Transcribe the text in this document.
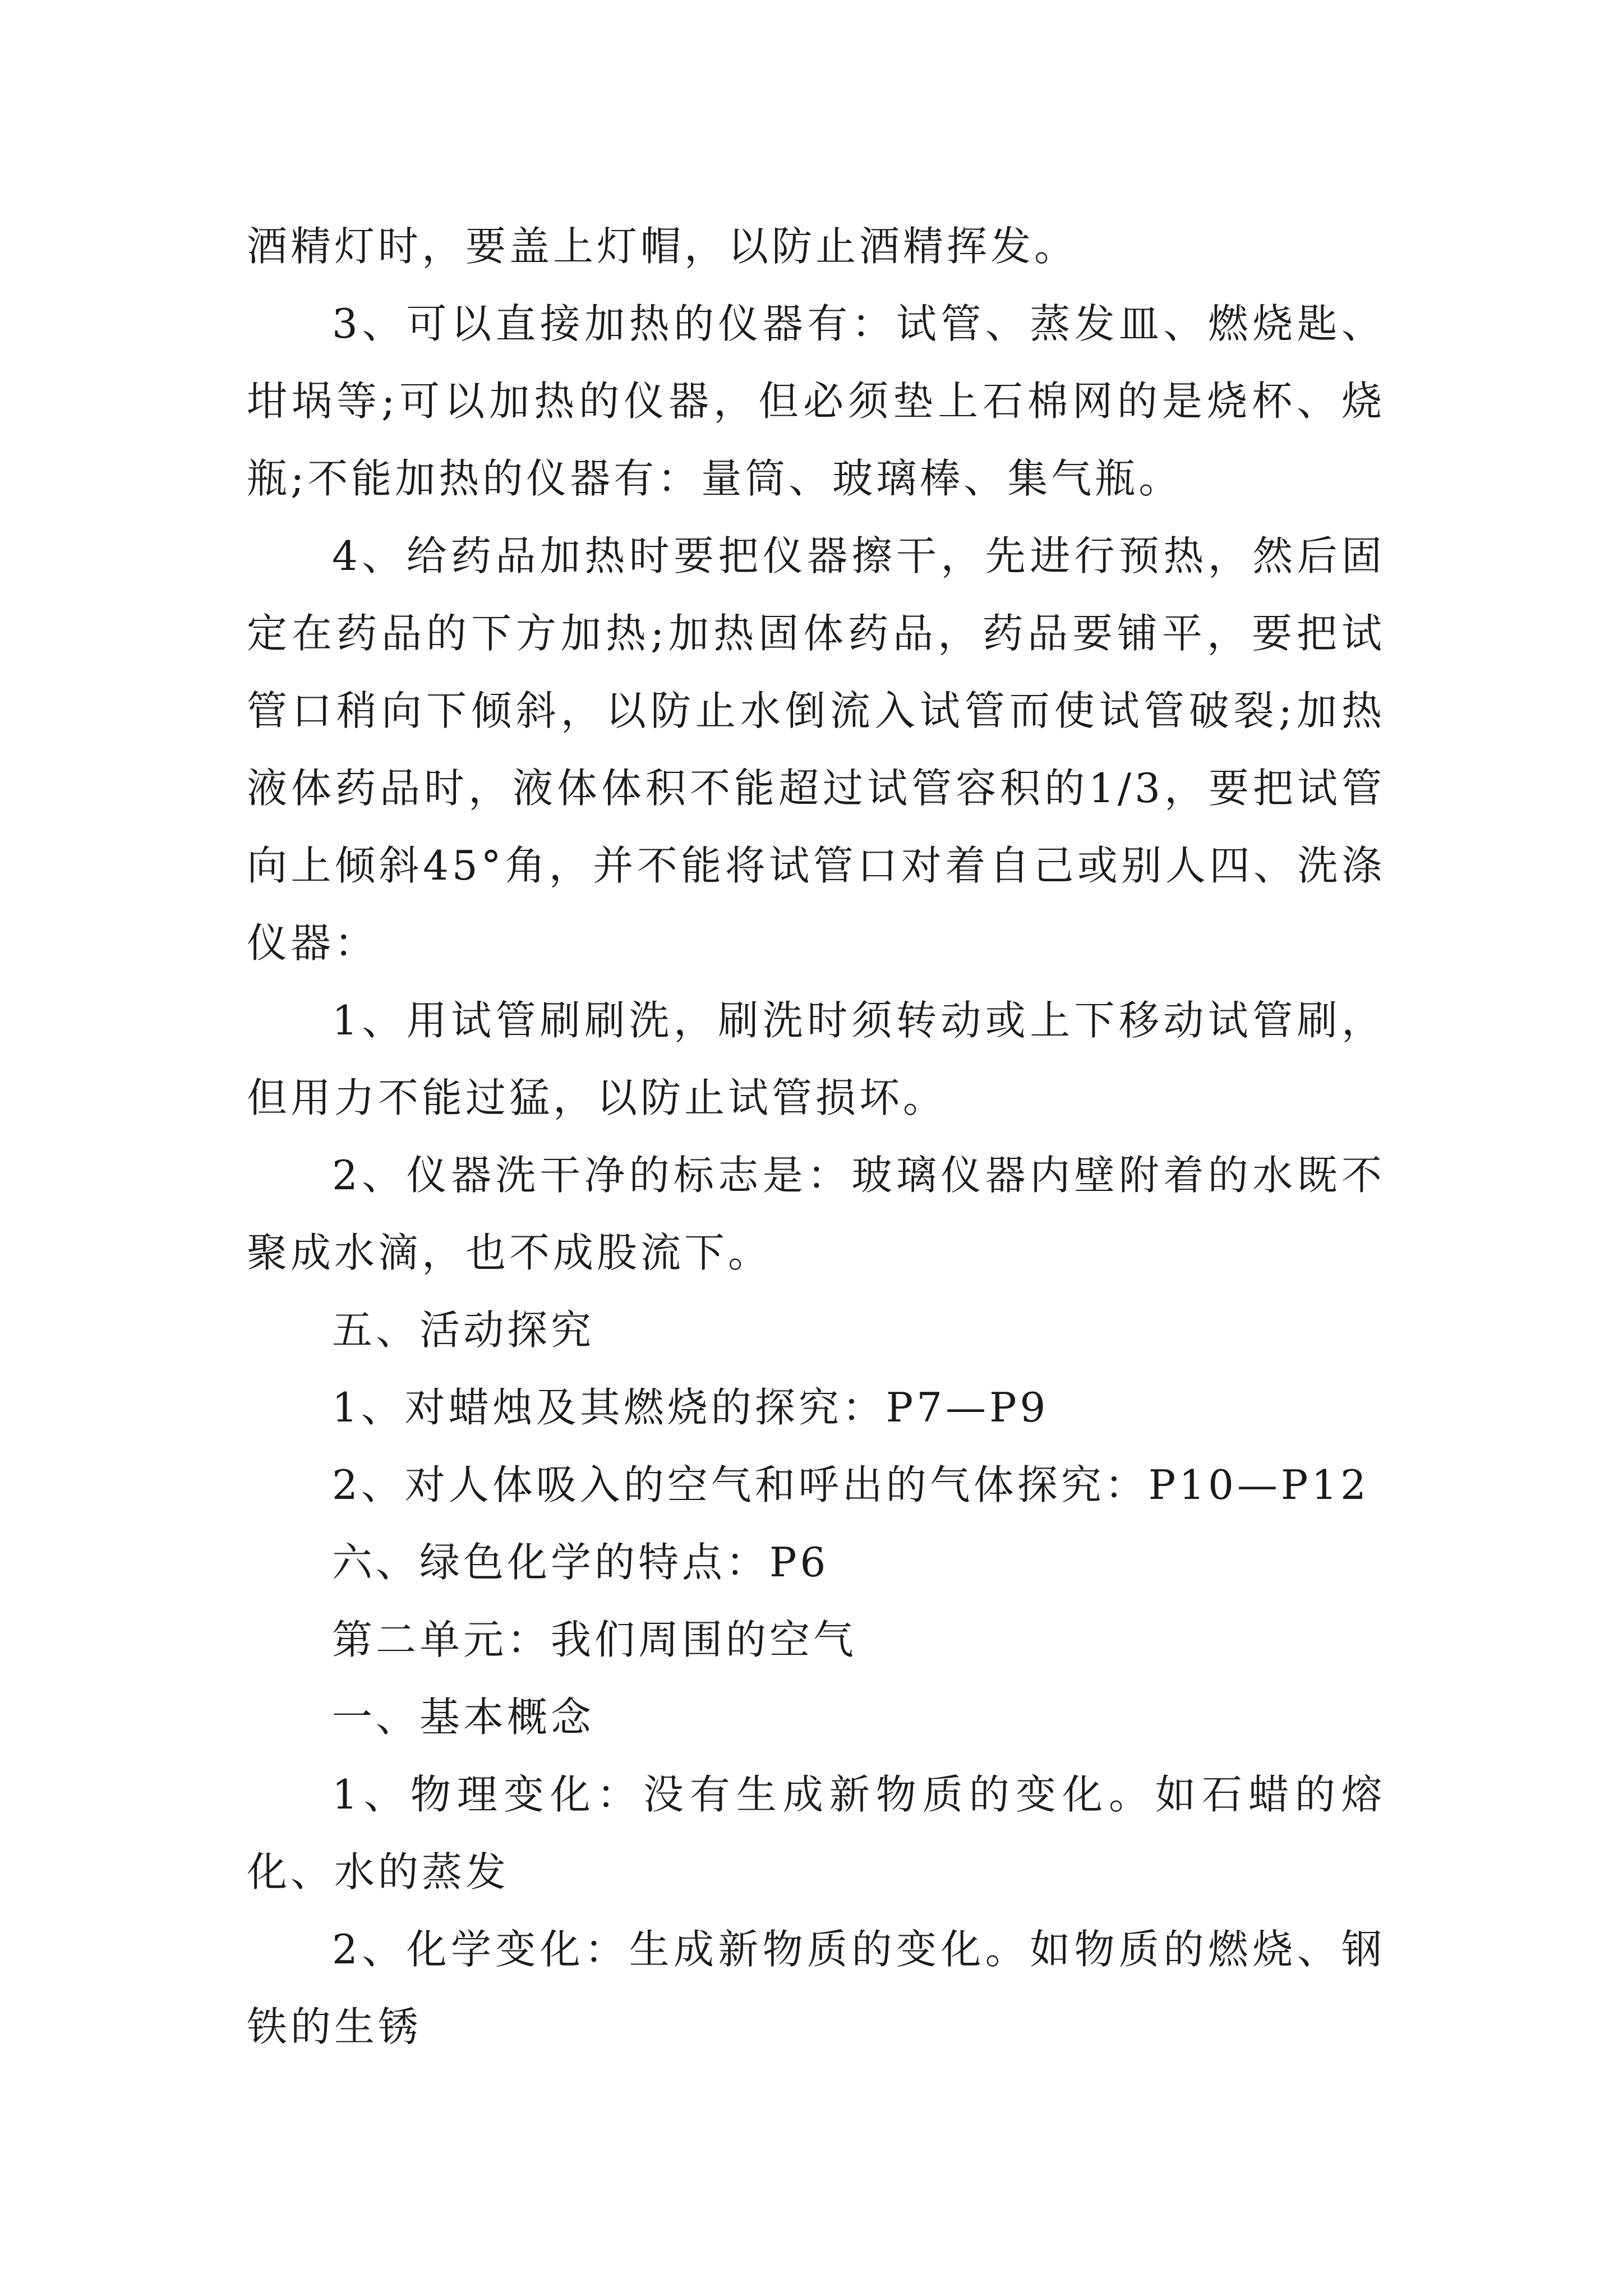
酒精灯时，要盖上灯帽，以防止酒精挥发。

3、可以直接加热的仪器有：试管、蒸发皿、燃烧匙、坩埚等;可以加热的仪器，但必须垫上石棉网的是烧杯、烧瓶;不能加热的仪器有：量筒、玻璃棒、集气瓶。

4、给药品加热时要把仪器擦干，先进行预热，然后固定在药品的下方加热;加热固体药品，药品要铺平，要把试管口稍向下倾斜，以防止水倒流入试管而使试管破裂;加热液体药品时，液体体积不能超过试管容积的1/3，要把试管向上倾斜45°角，并不能将试管口对着自己或别人四、洗涤仪器：

1、用试管刷刷洗，刷洗时须转动或上下移动试管刷，但用力不能过猛，以防止试管损坏。

2、仪器洗干净的标志是：玻璃仪器内壁附着的水既不聚成水滴，也不成股流下。

五、活动探究

1、对蜡烛及其燃烧的探究：P7—P9

2、对人体吸入的空气和呼出的气体探究：P10—P12

六、绿色化学的特点：P6

第二单元：我们周围的空气

一、基本概念

1、物理变化：没有生成新物质的变化。如石蜡的熔化、水的蒸发

2、化学变化：生成新物质的变化。如物质的燃烧、钢铁的生锈
